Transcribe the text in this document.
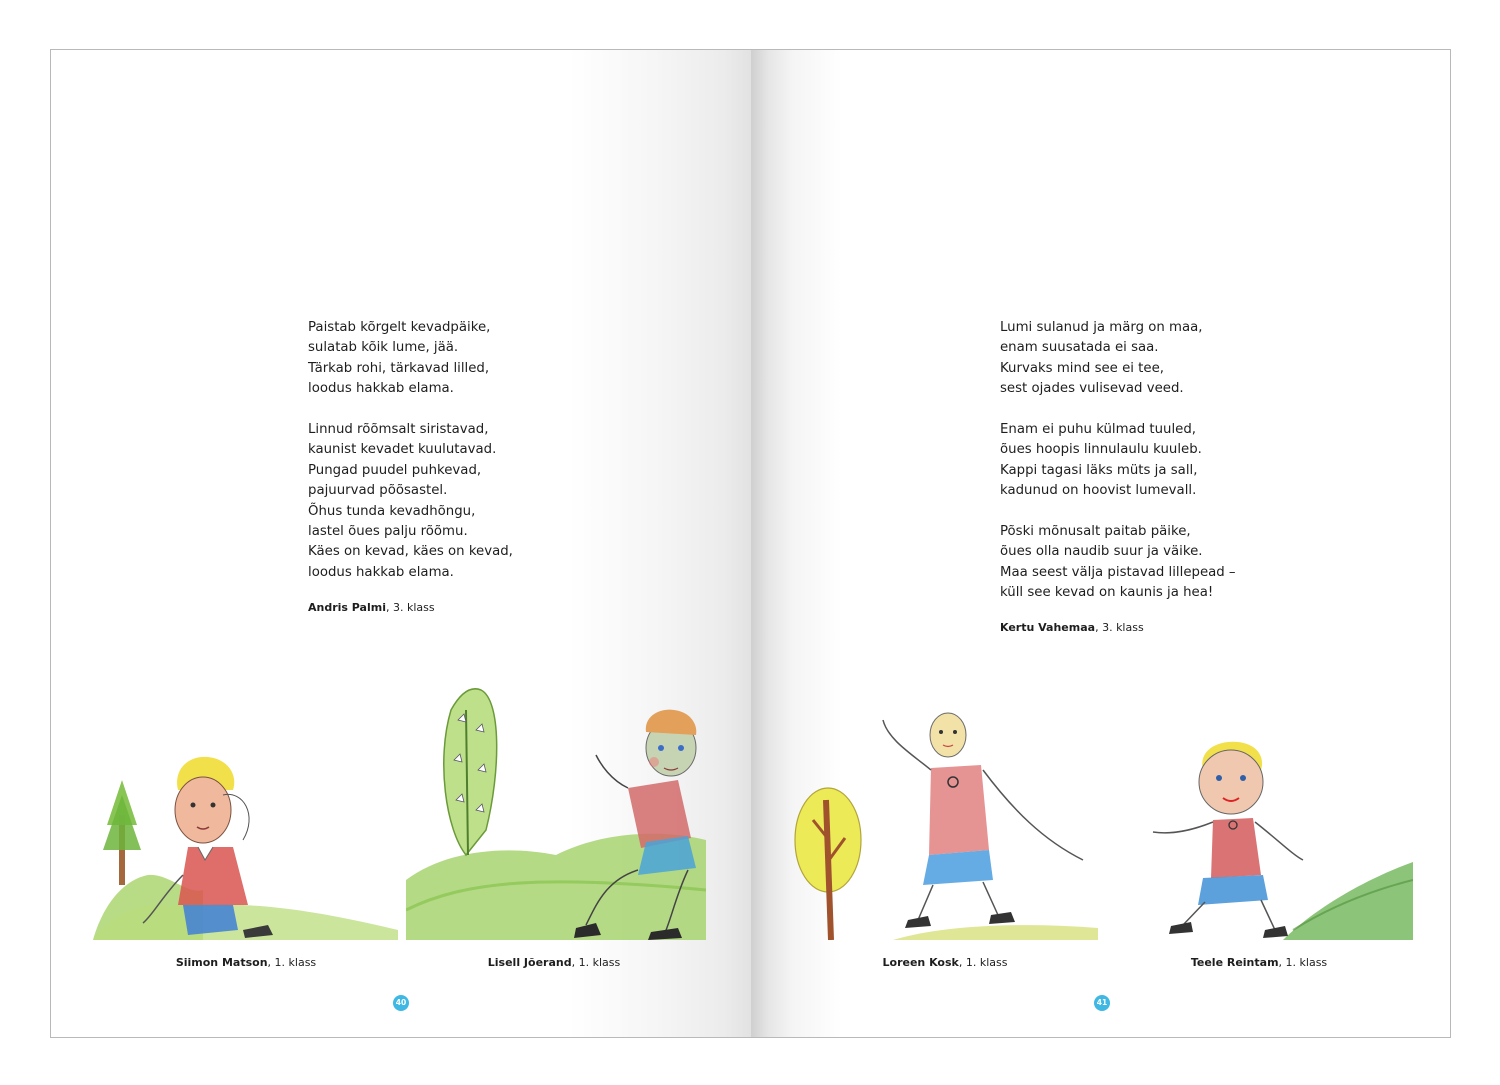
Paistab kõrgelt kevadpäike,
sulatab kõik lume, jää.
Tärkab rohi, tärkavad lilled,
loodus hakkab elama.
Linnud rõõmsalt siristavad,
kaunist kevadet kuulutavad.
Pungad puudel puhkevad,
pajuurvad põõsastel.
Õhus tunda kevadhõngu,
lastel õues palju rõõmu.
Käes on kevad, käes on kevad,
loodus hakkab elama.
Andris Palmi, 3. klass
Siimon Matson, 1. klass	Lisell Jõerand, 1. klass
40
Lumi sulanud ja märg on maa,
enam suusatada ei saa.
Kurvaks mind see ei tee,
sest ojades vulisevad veed.
Enam ei puhu külmad tuuled,
õues hoopis linnulaulu kuuleb.
Kappi tagasi läks müts ja sall,
kadunud on hoovist lumevall.
Põski mõnusalt paitab päike,
õues olla naudib suur ja väike.
Maa seest välja pistavad lillepead –
küll see kevad on kaunis ja hea!
Kertu Vahemaa, 3. klass
Loreen Kosk, 1. klass	Teele Reintam, 1. klass
41
